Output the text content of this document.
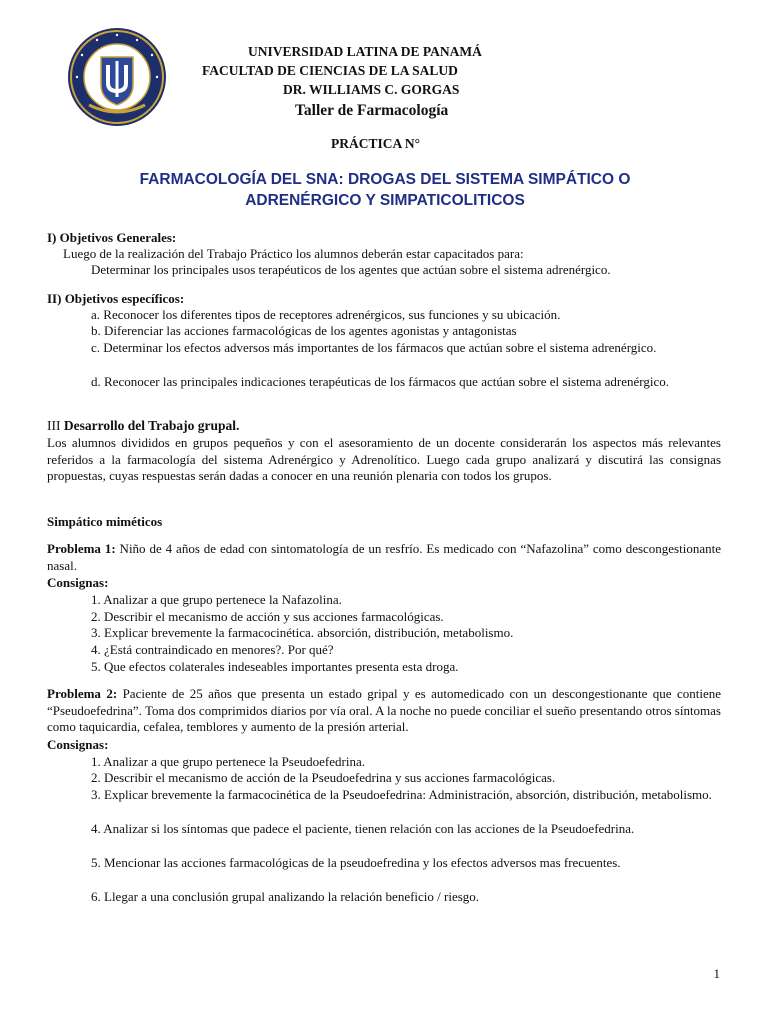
UNIVERSIDAD LATINA DE PANAMÁ
FACULTAD DE CIENCIAS DE LA SALUD
DR. WILLIAMS C. GORGAS
Taller de Farmacología
PRÁCTICA N°
FARMACOLOGÍA DEL SNA: DROGAS DEL SISTEMA SIMPÁTICO O
ADRENÉRGICO Y SIMPATICOLITICOS
I) Objetivos Generales:
Luego de la realización del Trabajo Práctico los alumnos deberán estar capacitados para:
Determinar los principales usos terapéuticos de los agentes que actúan sobre el sistema adrenérgico.
II) Objetivos específicos:
a. Reconocer los diferentes tipos de receptores adrenérgicos, sus funciones y su ubicación.
b. Diferenciar las acciones farmacológicas de los agentes agonistas y antagonistas
c. Determinar los efectos adversos más importantes de los fármacos que actúan sobre el sistema adrenérgico.
d. Reconocer las principales indicaciones terapéuticas de los fármacos que actúan sobre el sistema adrenérgico.
III Desarrollo del Trabajo grupal.
Los alumnos divididos en grupos pequeños y con el asesoramiento de un docente considerarán los aspectos más relevantes referidos a la farmacología del sistema Adrenérgico y Adrenolítico. Luego cada grupo analizará y discutirá las consignas propuestas, cuyas respuestas serán dadas a conocer en una reunión plenaria con todos los grupos.
Simpático miméticos
Problema 1: Niño de 4 años de edad con sintomatología de un resfrío. Es medicado con “Nafazolina” como descongestionante nasal.
Consignas:
1. Analizar a que grupo pertenece la Nafazolina.
2. Describir el mecanismo de acción y sus acciones farmacológicas.
3. Explicar brevemente la farmacocinética. absorción, distribución, metabolismo.
4. ¿Está contraindicado en menores?. Por qué?
5. Que efectos colaterales indeseables importantes presenta esta droga.
Problema 2: Paciente de 25 años que presenta un estado gripal y es automedicado con un descongestionante que contiene “Pseudoefedrina”. Toma dos comprimidos diarios por vía oral. A la noche no puede conciliar el sueño presentando otros síntomas como taquicardia, cefalea, temblores y aumento de la presión arterial.
Consignas:
1. Analizar a que grupo pertenece la Pseudoefedrina.
2. Describir el mecanismo de acción de la Pseudoefedrina y sus acciones farmacológicas.
3. Explicar brevemente la farmacocinética de la Pseudoefedrina: Administración, absorción, distribución, metabolismo.
4. Analizar si los síntomas que padece el paciente, tienen relación con las acciones de la Pseudoefedrina.
5. Mencionar las acciones farmacológicas de la pseudoefredina y los efectos adversos mas frecuentes.
6. Llegar a una conclusión grupal analizando la relación beneficio / riesgo.
1
